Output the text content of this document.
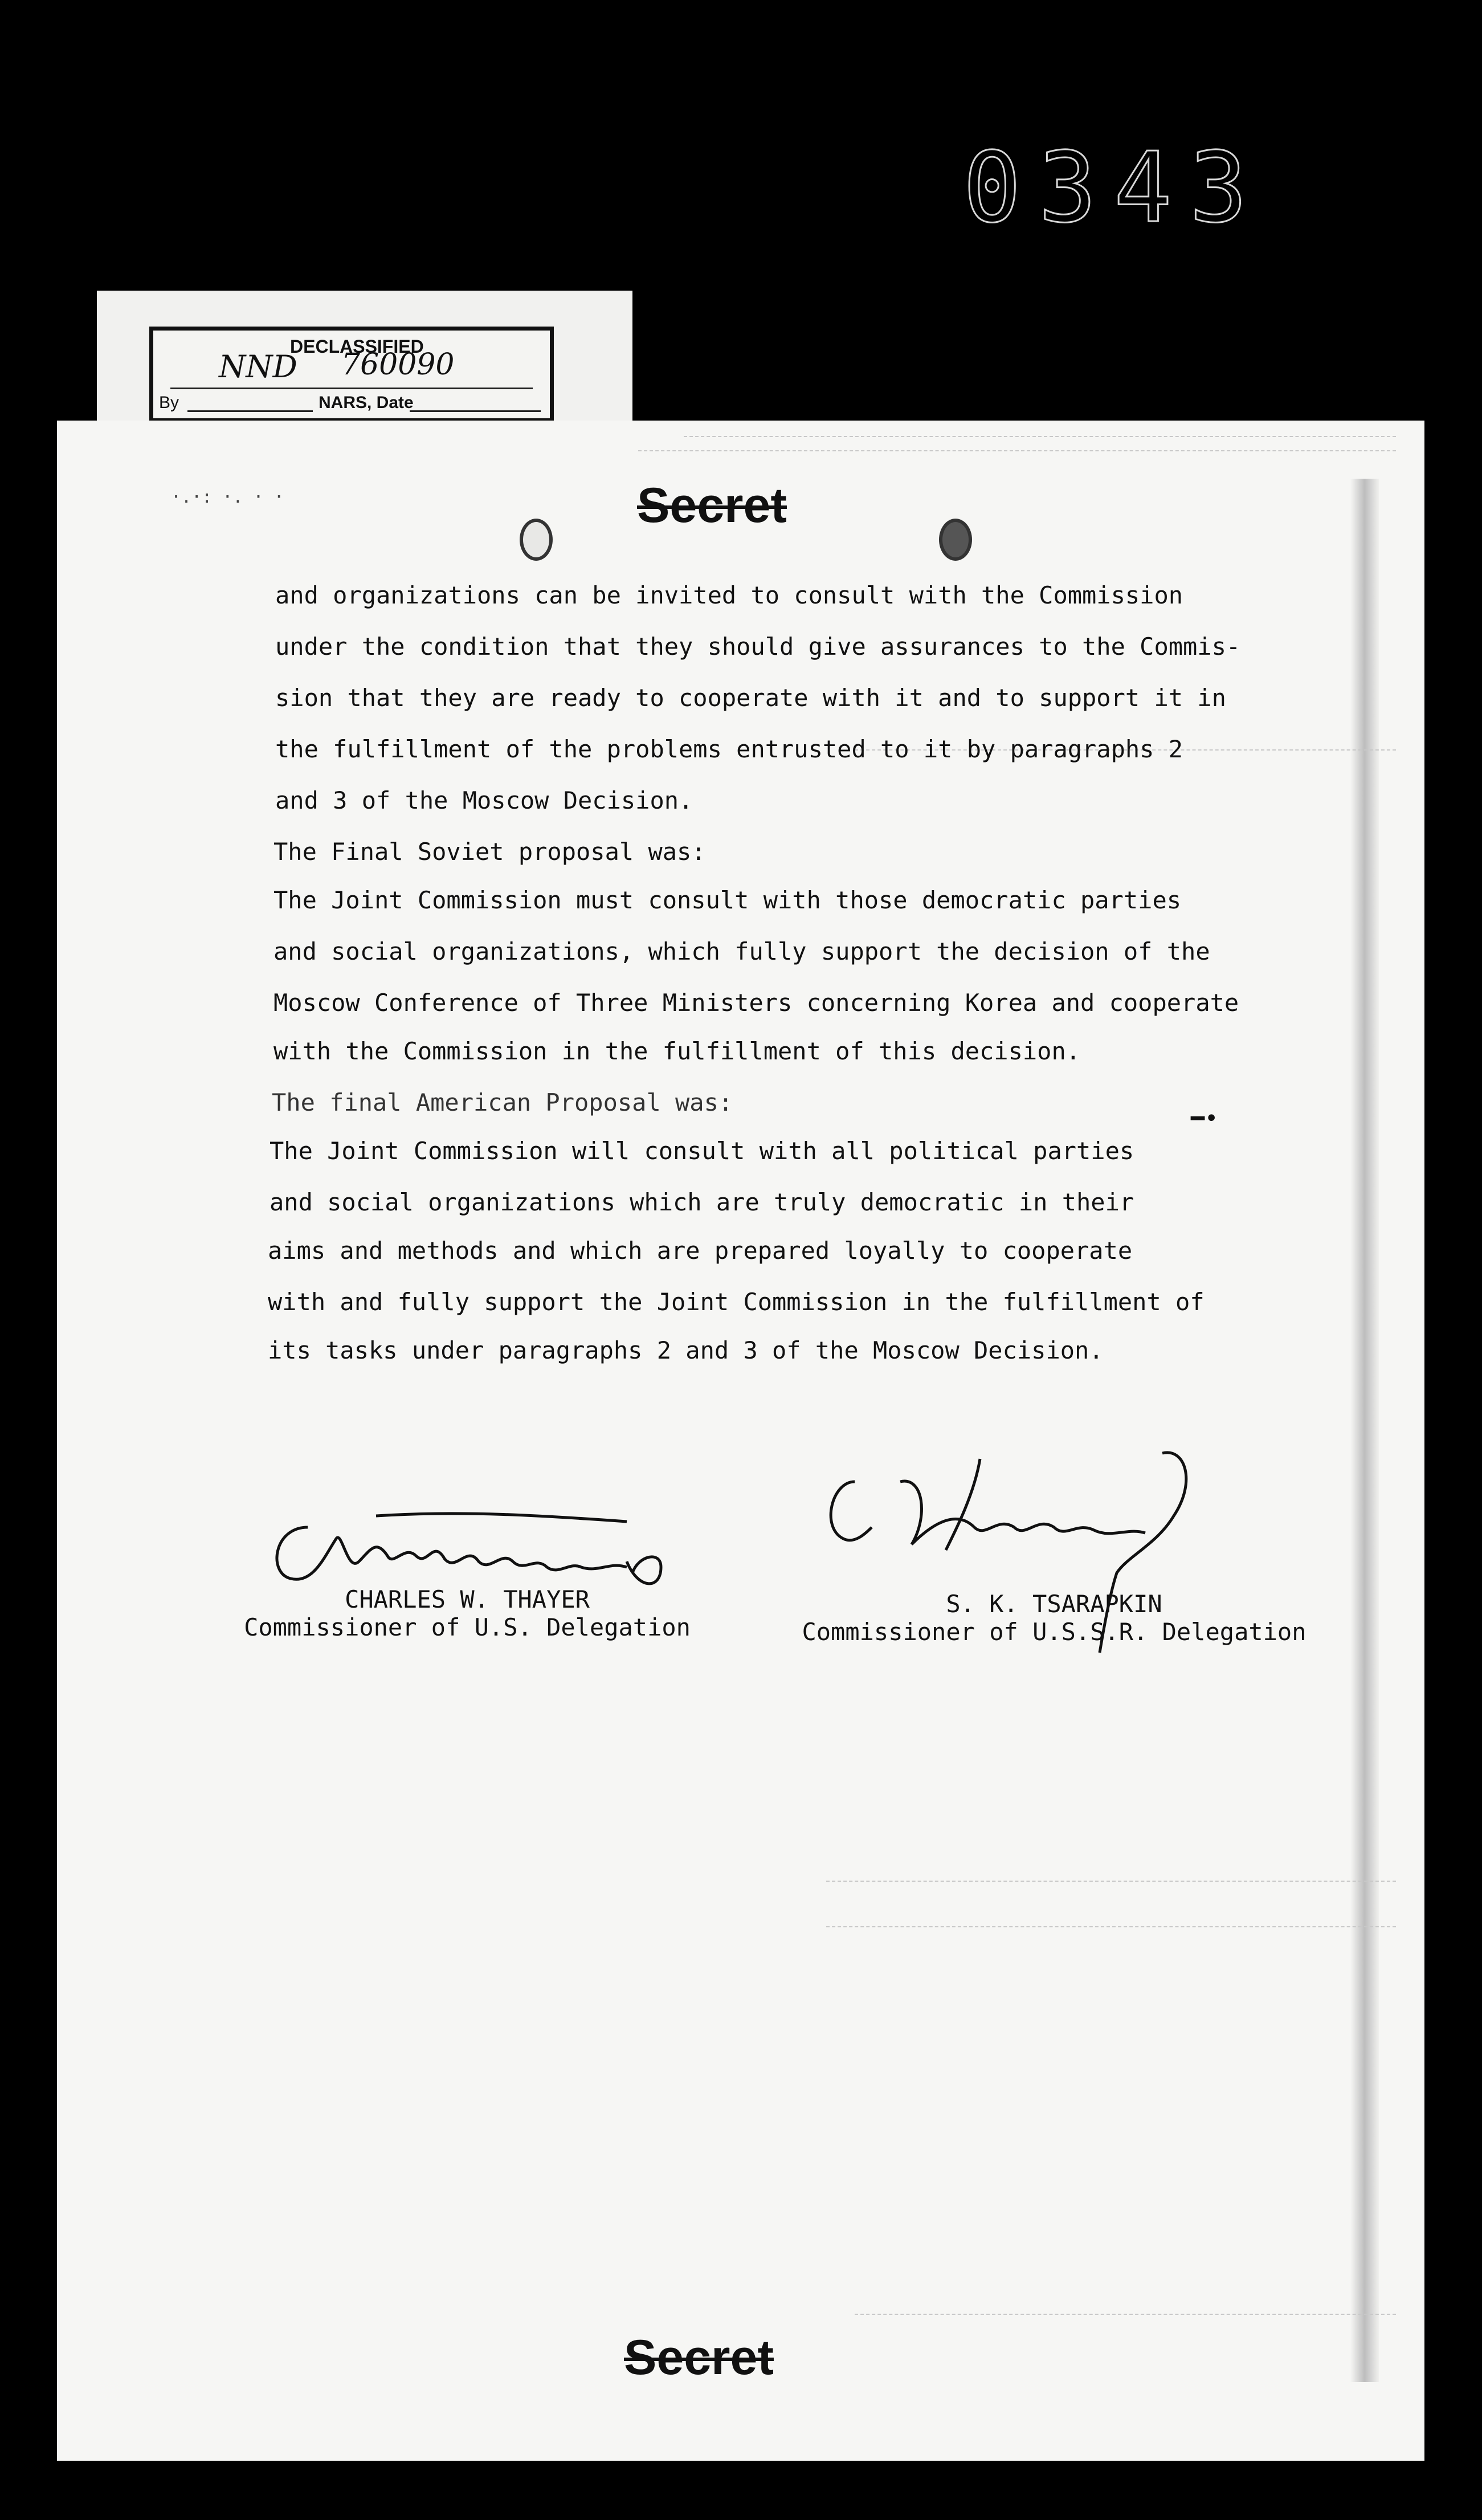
0343
DECLASSIFIED
NND 760090
By	NARS, Date
·.·: ·. · ·
━•
Secret
and organizations can be invited to consult with the Commission
under the condition that they should give assurances to the Commis-
sion that they are ready to cooperate with it and to support it in
the fulfillment of the problems entrusted to it by paragraphs 2
and 3 of the Moscow Decision.
The Final Soviet proposal was:
The Joint Commission must consult with those democratic parties
and social organizations, which fully support the decision of the
Moscow Conference of Three Ministers concerning Korea and cooperate
with the Commission in the fulfillment of this decision.
The final American Proposal was:
The Joint Commission will consult with all political parties
and social organizations which are truly democratic in their
aims and methods and which are prepared loyally to cooperate
with and fully support the Joint Commission in the fulfillment of
its tasks under paragraphs 2 and 3 of the Moscow Decision.
CHARLES W. THAYER
Commissioner of U.S. Delegation
S. K. TSARAPKIN
Commissioner of U.S.S.R. Delegation
Secret
